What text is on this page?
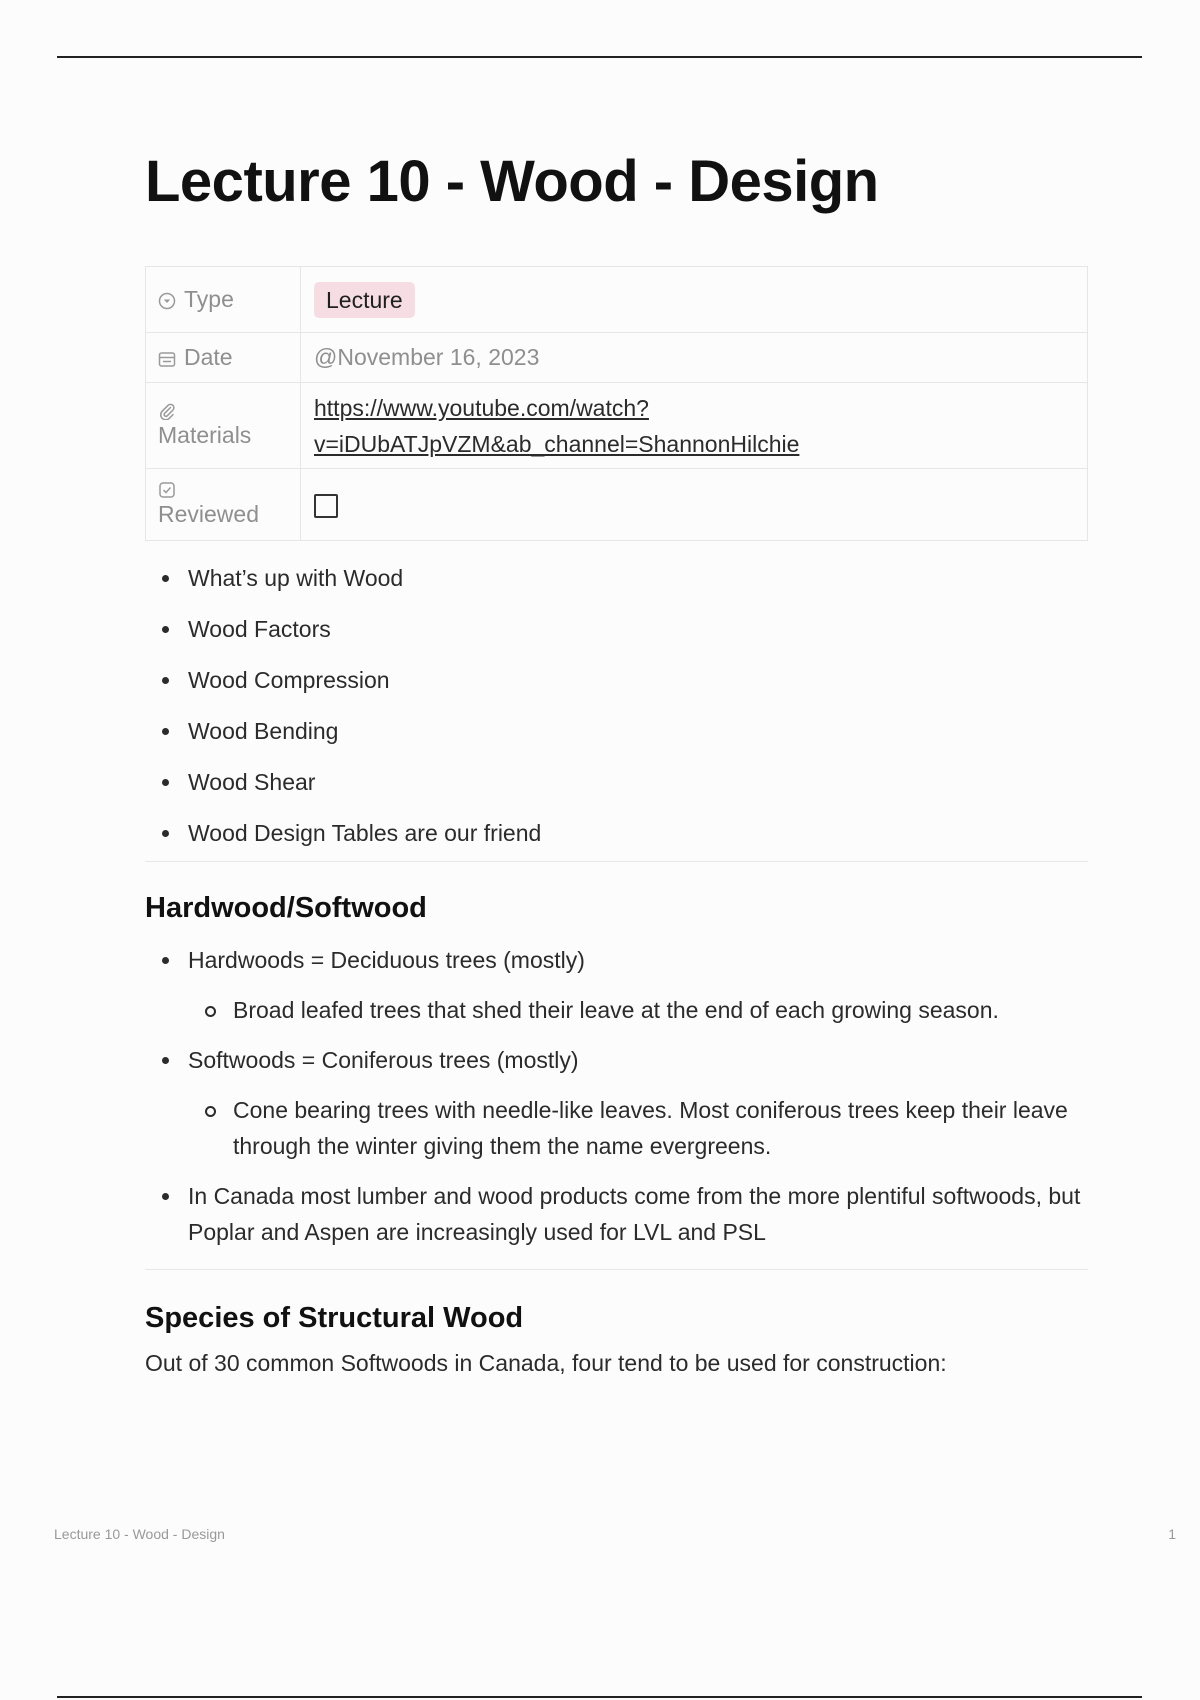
Lecture 10 - Wood - Design
Type	Lecture

Date	@November 16, 2023

Materials	https://www.youtube.com/watch?
v=iDUbATJpVZM&ab_channel=ShannonHilchie

Reviewed	
What’s up with Wood
Wood Factors
Wood Compression
Wood Bending
Wood Shear
Wood Design Tables are our friend
Hardwood/Softwood
Hardwoods = Deciduous trees (mostly)
Broad leafed trees that shed their leave at the end of each growing season.
Softwoods = Coniferous trees (mostly)
Cone bearing trees with needle-like leaves. Most coniferous trees keep their leave through the winter giving them the name evergreens.
In Canada most lumber and wood products come from the more plentiful softwoods, but Poplar and Aspen are increasingly used for LVL and PSL
Species of Structural Wood

Out of 30 common Softwoods in Canada, four tend to be used for construction:

Lecture 10 - Wood - Design	1
